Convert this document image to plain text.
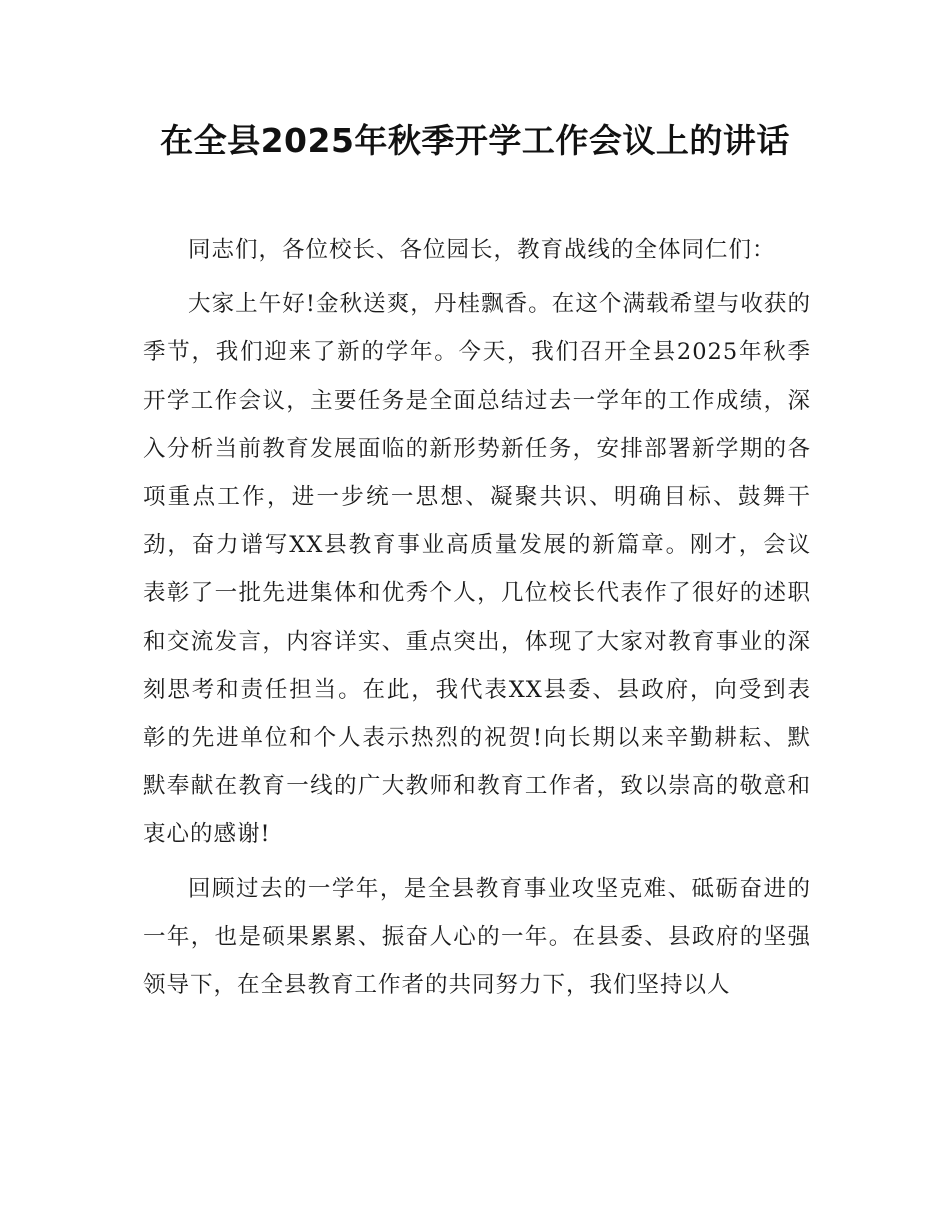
在全县2025年秋季开学工作会议上的讲话

同志们，各位校长、各位园长，教育战线的全体同仁们：

大家上午好!金秋送爽，丹桂飘香。在这个满载希望与收获的季节，我们迎来了新的学年。今天，我们召开全县2025年秋季开学工作会议，主要任务是全面总结过去一学年的工作成绩，深入分析当前教育发展面临的新形势新任务，安排部署新学期的各项重点工作，进一步统一思想、凝聚共识、明确目标、鼓舞干劲，奋力谱写XX县教育事业高质量发展的新篇章。刚才，会议表彰了一批先进集体和优秀个人，几位校长代表作了很好的述职和交流发言，内容详实、重点突出，体现了大家对教育事业的深刻思考和责任担当。在此，我代表XX县委、县政府，向受到表彰的先进单位和个人表示热烈的祝贺!向长期以来辛勤耕耘、默默奉献在教育一线的广大教师和教育工作者，致以崇高的敬意和衷心的感谢!

回顾过去的一学年，是全县教育事业攻坚克难、砥砺奋进的一年，也是硕果累累、振奋人心的一年。在县委、县政府的坚强领导下，在全县教育工作者的共同努力下，我们坚持以人
